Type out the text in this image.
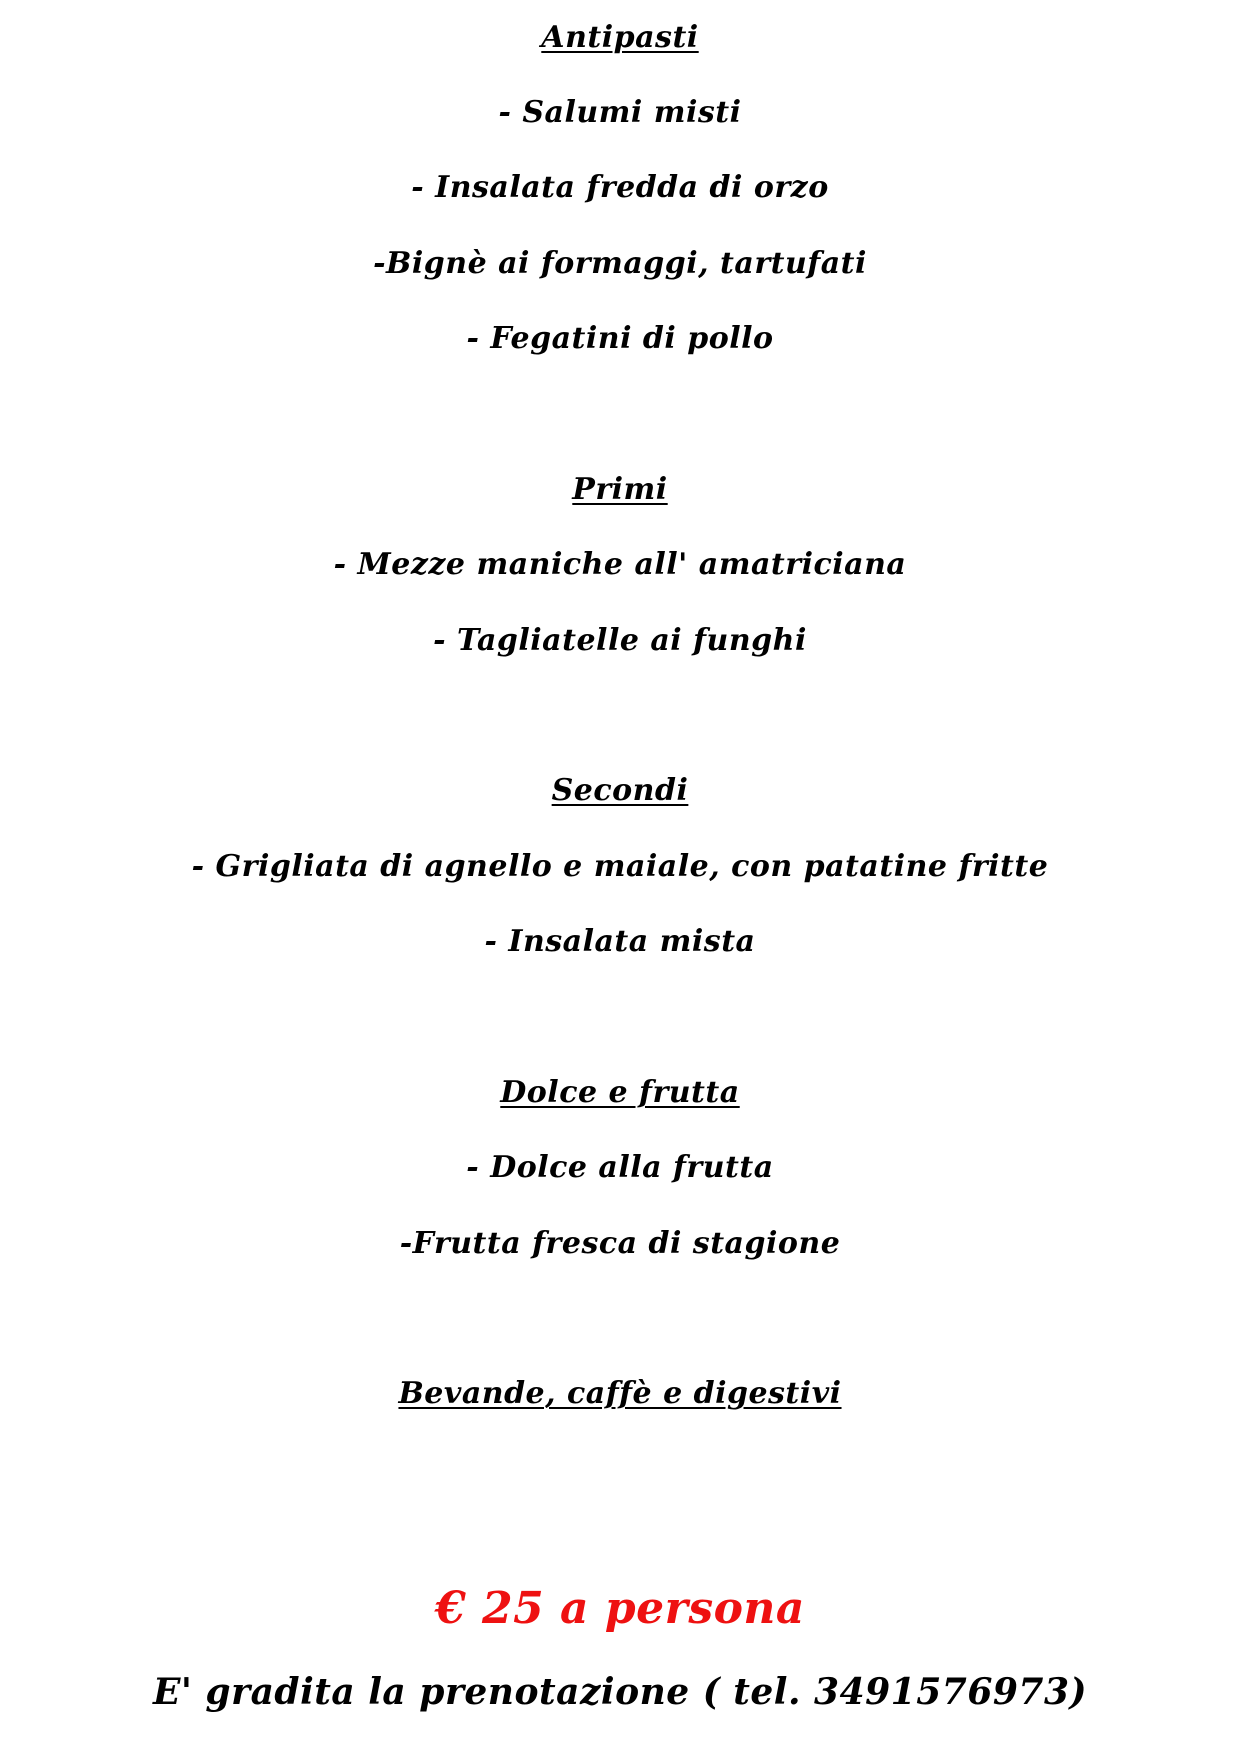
Antipasti
- Salumi misti
- Insalata fredda di orzo
-Bignè ai formaggi, tartufati
- Fegatini di pollo
Primi
- Mezze maniche all' amatriciana
- Tagliatelle ai funghi
Secondi
- Grigliata di agnello e maiale, con patatine fritte
- Insalata mista
Dolce e frutta
- Dolce alla frutta
-Frutta fresca di stagione
Bevande, caffè e digestivi
€ 25 a persona
E' gradita la prenotazione ( tel. 3491576973)
